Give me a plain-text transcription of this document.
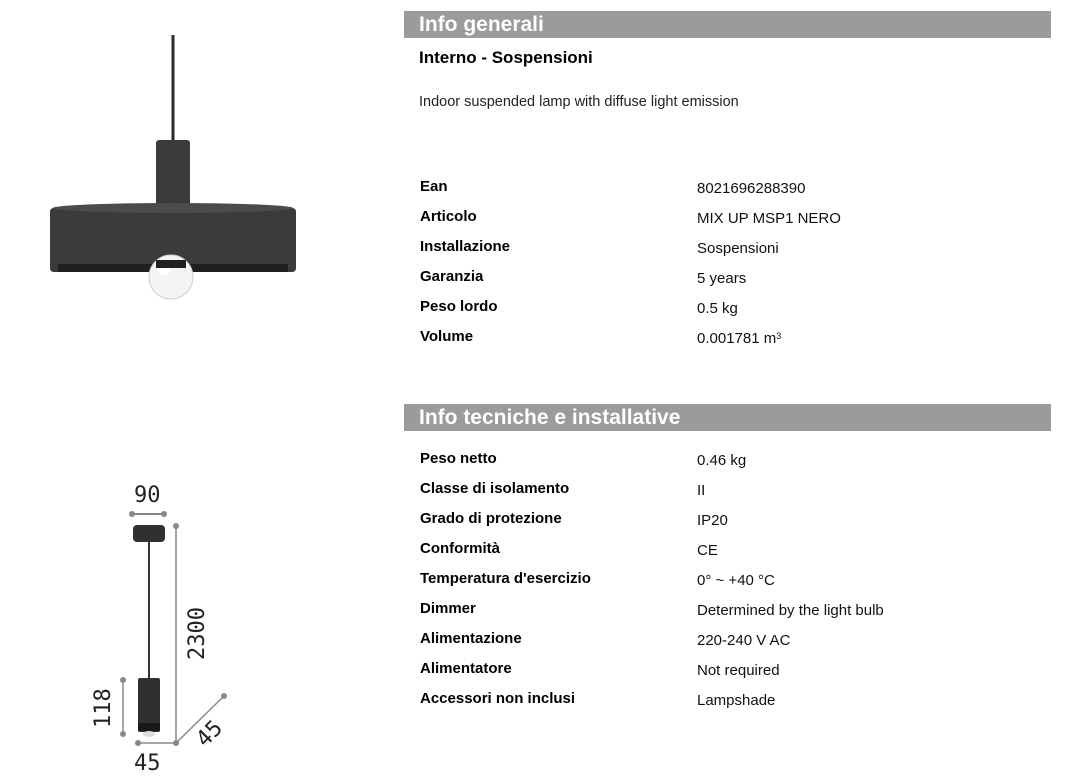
90
2300
118
45
45
Info generali
Interno - Sospensioni
Indoor suspended lamp with diffuse light emission
Ean	8021696288390
Articolo	MIX UP MSP1 NERO
Installazione	Sospensioni
Garanzia	5 years
Peso lordo	0.5 kg
Volume	0.001781 $m^3$
Info tecniche e installative
Peso netto	0.46 kg
Classe di isolamento	II
Grado di protezione	IP20
Conformità	CE
Temperatura d'esercizio	0° ~ +40 °C
Dimmer	Determined by the light bulb
Alimentazione	220-240 V AC
Alimentatore	Not required
Accessori non inclusi	Lampshade
